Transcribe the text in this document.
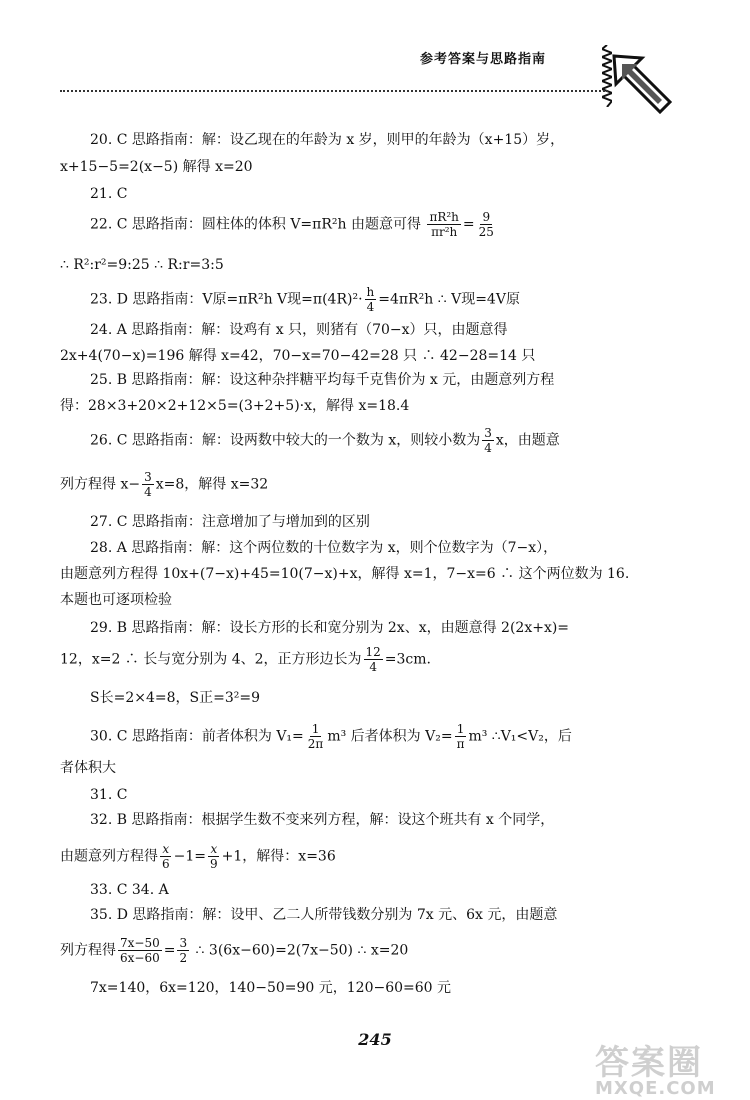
参考答案与思路指南
20. C 思路指南：解：设乙现在的年龄为 x 岁，则甲的年龄为（x+15）岁，
x+15−5=2(x−5) 解得 x=20
21. C
22. C 思路指南：圆柱体的体积 V=πR²h 由题意可得 $\frac{\text{πR²h}}{\text{πr²h}} = \frac{9}{25}$
∴ R²:r²=9:25 ∴ R:r=3:5
23. D 思路指南：V原=πR²h V现$=\pi(4R)^2\cdot \frac{h}{4} =4\pi R^2h$ ∴ V现=4V原
24. A 思路指南：解：设鸡有 x 只，则猪有（70−x）只，由题意得
2x+4(70−x)=196 解得 x=42，70−x=70−42=28 只 ∴ 42−28=14 只
25. B 思路指南：解：设这种杂拌糖平均每千克售价为 x 元，由题意列方程
得：28×3+20×2+12×5=(3+2+5)·x，解得 x=18.4
26. C 思路指南：解：设两数中较大的一个数为 x，则较小数为 $\frac{3}{4}$ x，由题意
列方程得 $x- \frac{3}{4} x=8$，解得 x=32
27. C 思路指南：注意增加了与增加到的区别
28. A 思路指南：解：这个两位数的十位数字为 x，则个位数字为（7−x），
由题意列方程得 10x+(7−x)+45=10(7−x)+x，解得 x=1，7−x=6 ∴ 这个两位数为 16.
本题也可逐项检验
29. B 思路指南：解：设长方形的长和宽分别为 2x、x，由题意得 2(2x+x)=
12，x=2 ∴ 长与宽分别为 4、2，正方形边长为 $\frac{12}{4} =3cm$.
S长=2×4=8，S正=3²=9
30. C 思路指南：前者体积为 $V_1= \frac{1}{2\pi} m^3$ 后者体积为 $V_2= \frac{1}{\pi} m^3$ ∴V₁<V₂，后
者体积大
31. C
32. B 思路指南：根据学生数不变来列方程，解：设这个班共有 x 个同学，
由题意列方程得 $\frac{x}{6} -1= \frac{x}{9} +1$，解得：x=36
33. C 34. A
35. D 思路指南：解：设甲、乙二人所带钱数分别为 7x 元、6x 元，由题意
列方程得 $\frac{7x-50}{6x-60} = \frac{3}{2}$ ∴ 3(6x−60)=2(7x−50) ∴ x=20
7x=140，6x=120，140−50=90 元，120−60=60 元
245
答案圈
MXQE.COM
